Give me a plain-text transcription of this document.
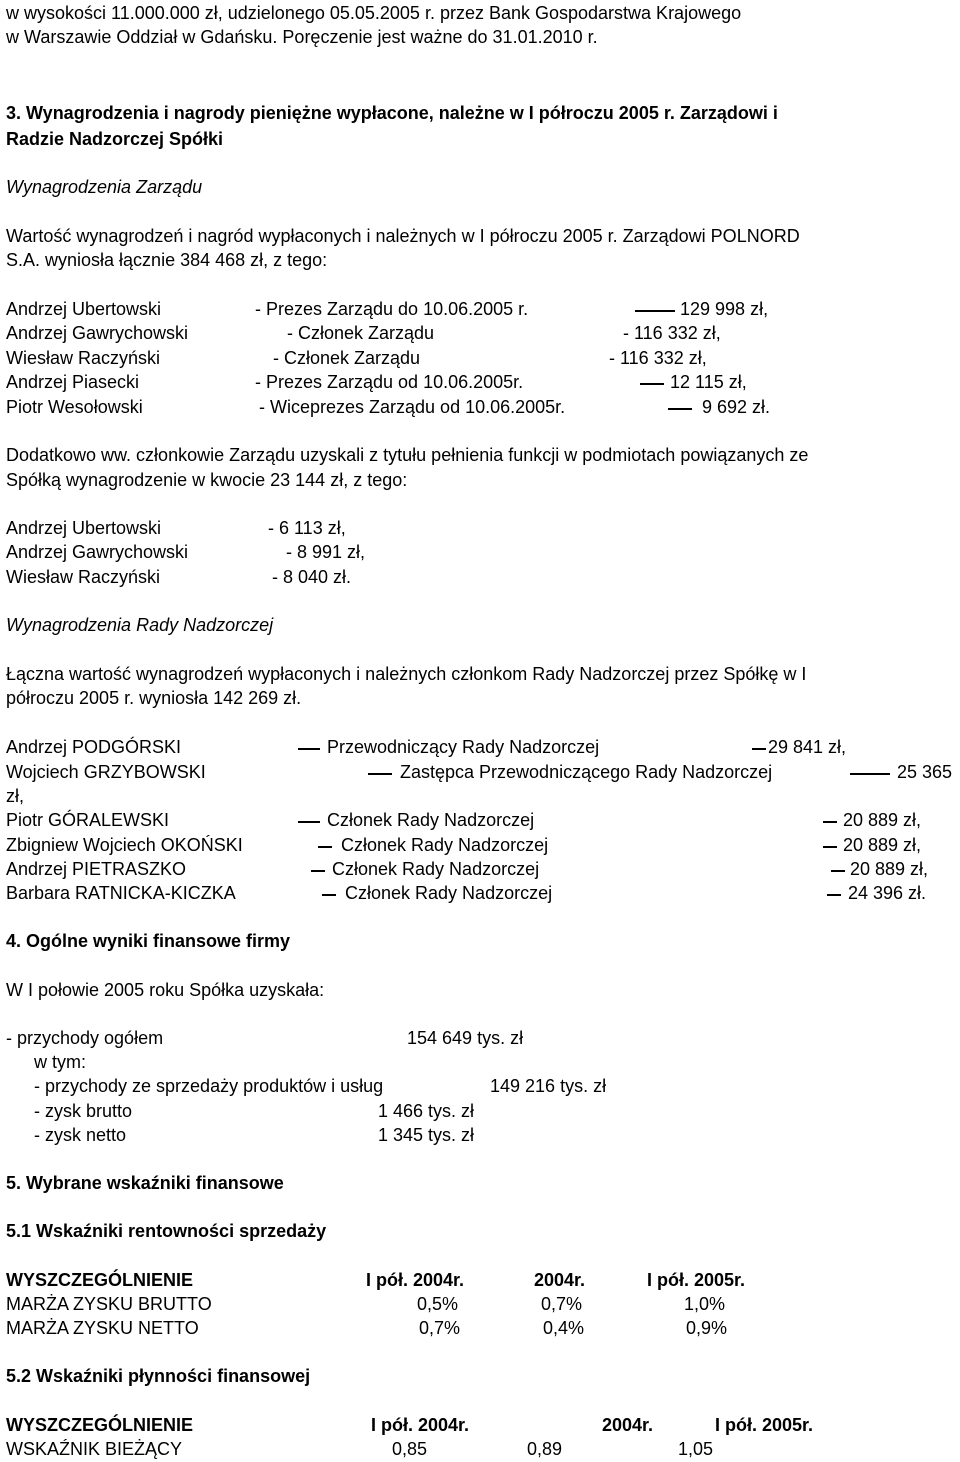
w wysokości 11.000.000 zł, udzielonego 05.05.2005 r. przez Bank Gospodarstwa Krajowego
w Warszawie Oddział w Gdańsku. Poręczenie jest ważne do 31.01.2010 r.
3. Wynagrodzenia i nagrody pieniężne wypłacone, należne w I półroczu 2005 r. Zarządowi i
Radzie Nadzorczej Spółki
Wynagrodzenia Zarządu
Wartość wynagrodzeń i nagród wypłaconych i należnych w I półroczu 2005 r. Zarządowi POLNORD
S.A. wyniosła łącznie 384 468 zł, z tego:
Andrzej Ubertowski	- Prezes Zarządu do 10.06.2005 r.	129 998 zł,
Andrzej Gawrychowski	- Członek Zarządu	- 116 332 zł,
Wiesław Raczyński	- Członek Zarządu	- 116 332 zł,
Andrzej Piasecki	- Prezes Zarządu od 10.06.2005r.	12 115 zł,
Piotr Wesołowski	- Wiceprezes Zarządu od 10.06.2005r.	9 692 zł.
Dodatkowo ww. członkowie Zarządu uzyskali z tytułu pełnienia funkcji w podmiotach powiązanych ze
Spółką wynagrodzenie w kwocie 23 144 zł, z tego:
Andrzej Ubertowski	- 6 113 zł,
Andrzej Gawrychowski	- 8 991 zł,
Wiesław Raczyński	- 8 040 zł.
Wynagrodzenia Rady Nadzorczej
Łączna wartość wynagrodzeń wypłaconych i należnych członkom Rady Nadzorczej przez Spółkę w I
półroczu 2005 r. wyniosła 142 269 zł.
Andrzej PODGÓRSKI	Przewodniczący Rady Nadzorczej	29 841 zł,
Wojciech GRZYBOWSKI	Zastępca Przewodniczącego Rady Nadzorczej	25 365
zł,
Piotr GÓRALEWSKI	Członek Rady Nadzorczej	20 889 zł,
Zbigniew Wojciech OKOŃSKI	Członek Rady Nadzorczej	20 889 zł,
Andrzej PIETRASZKO	Członek Rady Nadzorczej	20 889 zł,
Barbara RATNICKA-KICZKA	Członek Rady Nadzorczej	24 396 zł.
4. Ogólne wyniki finansowe firmy
W I połowie 2005 roku Spółka uzyskała:
- przychody ogółem	154 649 tys. zł
w tym:
- przychody ze sprzedaży produktów i usług	149 216 tys. zł
- zysk brutto	1 466 tys. zł
- zysk netto	1 345 tys. zł
5. Wybrane wskaźniki finansowe
5.1 Wskaźniki rentowności sprzedaży
WYSZCZEGÓLNIENIE	I pół. 2004r.	2004r.	I pół. 2005r.
MARŻA ZYSKU BRUTTO	0,5%	0,7%	1,0%
MARŻA ZYSKU NETTO	0,7%	0,4%	0,9%
5.2 Wskaźniki płynności finansowej
WYSZCZEGÓLNIENIE	I pół. 2004r.	2004r.	I pół. 2005r.
WSKAŹNIK BIEŻĄCY	0,85	0,89	1,05
